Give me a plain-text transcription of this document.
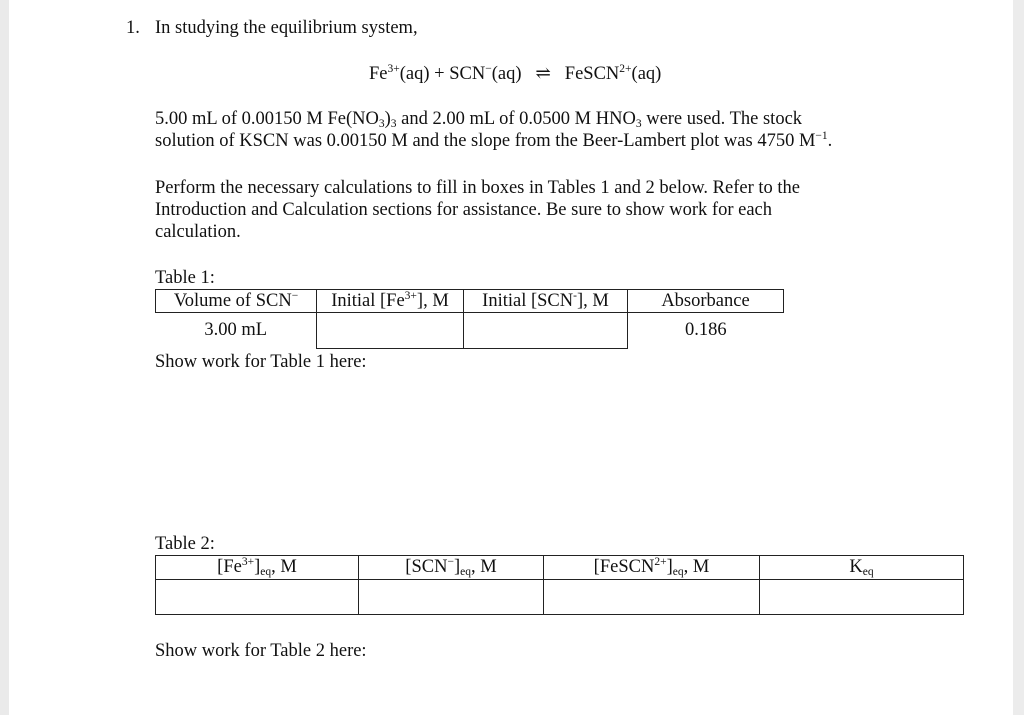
1. In studying the equilibrium system,
$Fe^{3+}(aq) + SCN^-(aq)$ ⇌ FeSCN$^{2+}$(aq)
5.00 mL of 0.00150 M $Fe(NO_3)_3$ and 2.00 mL of 0.0500 M $HNO_3$ were used. The stock
solution of KSCN was 0.00150 M and the slope from the Beer-Lambert plot was 4750 $M^{-1}$.
Perform the necessary calculations to fill in boxes in Tables 1 and 2 below. Refer to the
Introduction and Calculation sections for assistance. Be sure to show work for each
calculation.
Table 1:
Volume of SCN−	Initial $[Fe^{3+}]$, M	Initial [SCN-], M	Absorbance
3.00 mL			0.186
Show work for Table 1 here:
Table 2:
$[Fe^{3+}]_{eq}$, M	$[SCN^-]_{eq}$, M	$[FeSCN^{2+}]_{eq}$, M	$K_{eq}$

Show work for Table 2 here:
